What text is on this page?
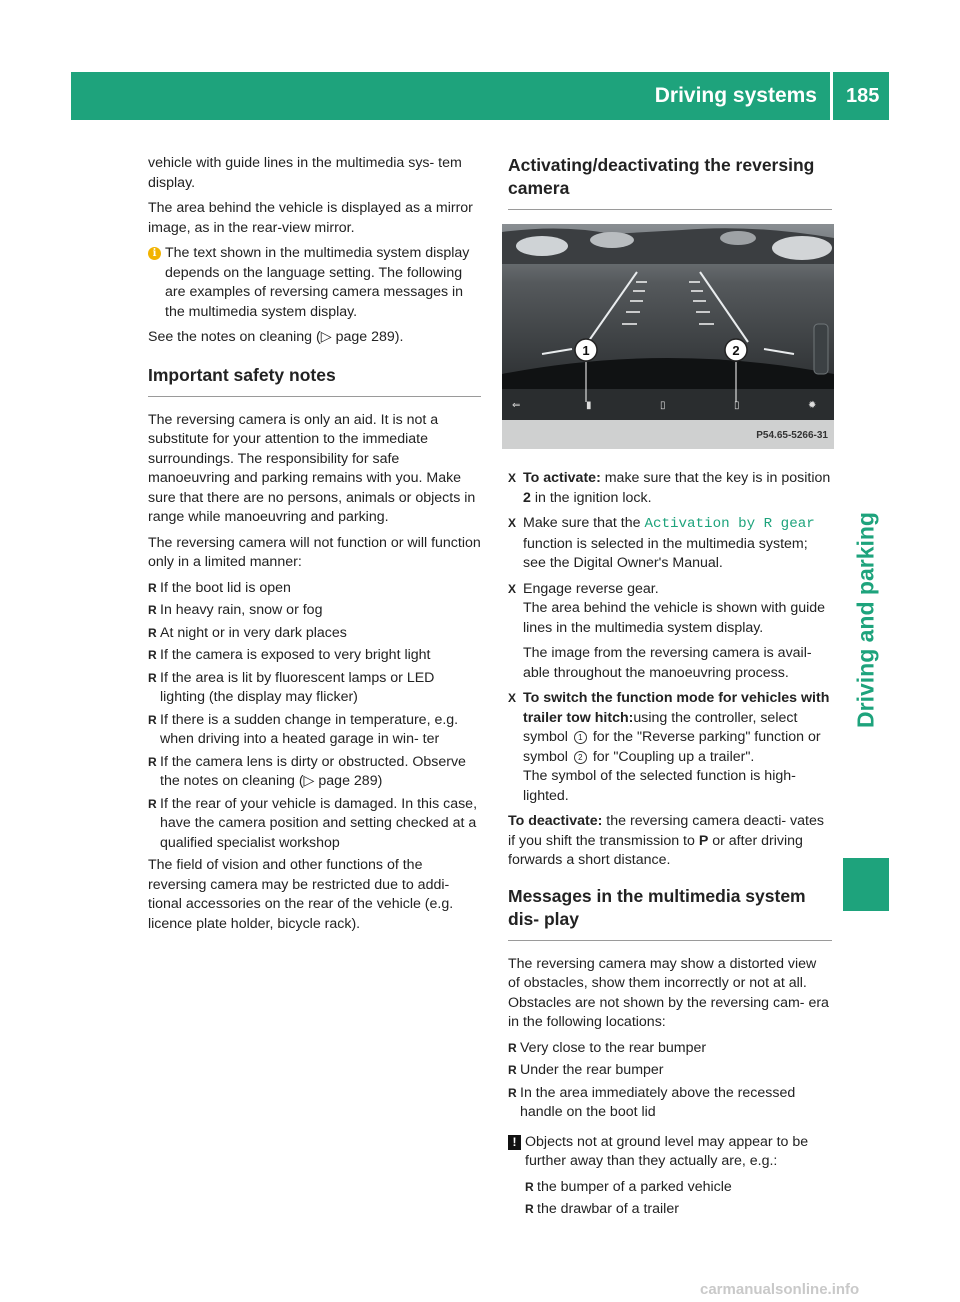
Driving systems 185
Driving and parking

vehicle with guide lines in the multimedia sys- tem display.

The area behind the vehicle is displayed as a mirror image, as in the rear-view mirror.

i The text shown in the multimedia system display depends on the language setting. The following are examples of reversing camera messages in the multimedia system display.

See the notes on cleaning (▷ page 289).

Important safety notes

The reversing camera is only an aid. It is not a substitute for your attention to the immediate surroundings. The responsibility for safe manoeuvring and parking remains with you. Make sure that there are no persons, animals or objects in range while manoeuvring and parking.

The reversing camera will not function or will function only in a limited manner:

R If the boot lid is open
R In heavy rain, snow or fog
R At night or in very dark places
R If the camera is exposed to very bright light
R If the area is lit by fluorescent lamps or LED lighting (the display may flicker)
R If there is a sudden change in temperature, e.g. when driving into a heated garage in win- ter
R If the camera lens is dirty or obstructed. Observe the notes on cleaning (▷ page 289)
R If the rear of your vehicle is damaged. In this case, have the camera position and setting checked at a qualified specialist workshop

The field of vision and other functions of the reversing camera may be restricted due to addi- tional accessories on the rear of the vehicle (e.g. licence plate holder, bicycle rack).

Activating/deactivating the reversing camera
⇐	▮	▯	▯	✹
1	2
P54.65-5266-31
X To activate: make sure that the key is in position 2 in the ignition lock.
X Make sure that the Activation by R gear function is selected in the multimedia system; see the Digital Owner's Manual.
X Engage reverse gear.
The area behind the vehicle is shown with guide lines in the multimedia system display.
The image from the reversing camera is avail- able throughout the manoeuvring process.
X To switch the function mode for vehicles with trailer tow hitch:using the controller, select symbol 1 for the "Reverse parking" function or symbol 2 for "Coupling up a trailer".
The symbol of the selected function is high- lighted.

To deactivate: the reversing camera deacti- vates if you shift the transmission to P or after driving forwards a short distance.

Messages in the multimedia system dis- play

The reversing camera may show a distorted view of obstacles, show them incorrectly or not at all. Obstacles are not shown by the reversing cam- era in the following locations:

R Very close to the rear bumper
R Under the rear bumper
R In the area immediately above the recessed handle on the boot lid
! Objects not at ground level may appear to be further away than they actually are, e.g.:
R the bumper of a parked vehicle
R the drawbar of a trailer
carmanualsonline.info
